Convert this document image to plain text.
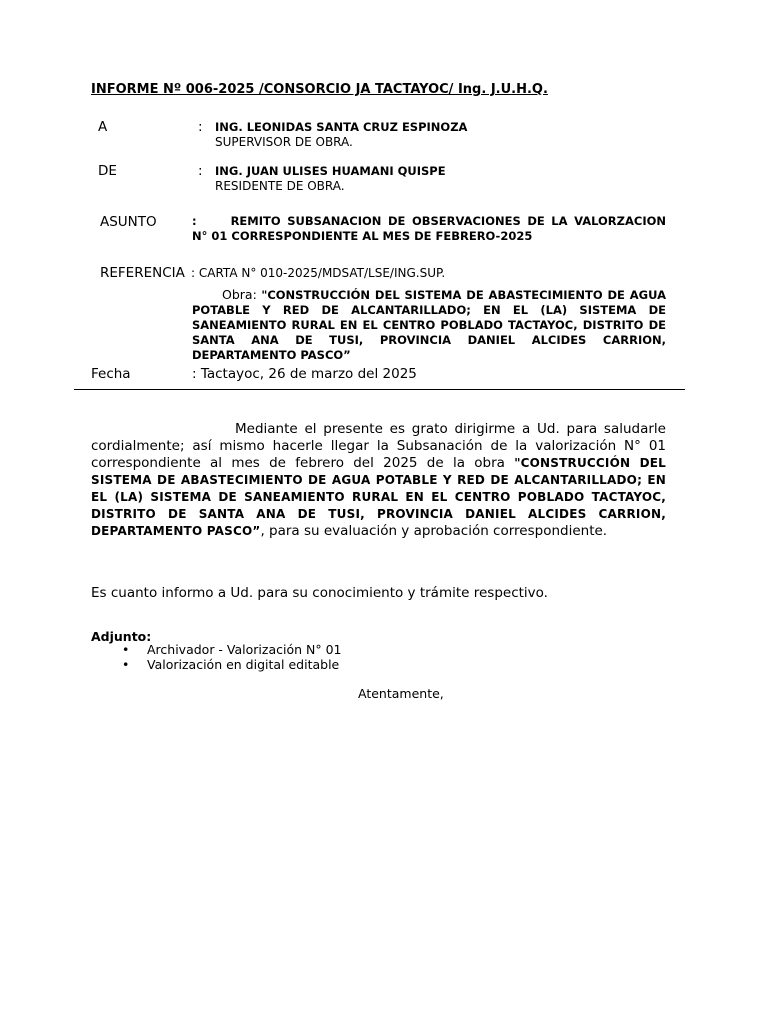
INFORME Nº 006-2025 /CONSORCIO JA TACTAYOC/ Ing. J.U.H.Q.
A	: ING. LEONIDAS SANTA CRUZ ESPINOZA
SUPERVISOR DE OBRA.
DE	: ING. JUAN ULISES HUAMANI QUISPE
RESIDENTE DE OBRA.
ASUNTO	:	REMITO SUBSANACION DE OBSERVACIONES DE LA VALORZACION N° 01 CORRESPONDIENTE AL MES DE FEBRERO-2025
REFERENCIA : CARTA N° 010-2025/MDSAT/LSE/ING.SUP.
Obra: "CONSTRUCCIÓN DEL SISTEMA DE ABASTECIMIENTO DE AGUA POTABLE Y RED DE ALCANTARILLADO; EN EL (LA) SISTEMA DE SANEAMIENTO RURAL EN EL CENTRO POBLADO TACTAYOC, DISTRITO DE SANTA ANA DE TUSI, PROVINCIA DANIEL ALCIDES CARRION, DEPARTAMENTO PASCO”
Fecha	: Tactayoc, 26 de marzo del 2025
Mediante el presente es grato dirigirme a Ud. para saludarle cordialmente; así mismo hacerle llegar la Subsanación de la valorización N° 01 correspondiente al mes de febrero del 2025 de la obra "CONSTRUCCIÓN DEL SISTEMA DE ABASTECIMIENTO DE AGUA POTABLE Y RED DE ALCANTARILLADO; EN EL (LA) SISTEMA DE SANEAMIENTO RURAL EN EL CENTRO POBLADO TACTAYOC, DISTRITO DE SANTA ANA DE TUSI, PROVINCIA DANIEL ALCIDES CARRION, DEPARTAMENTO PASCO”, para su evaluación y aprobación correspondiente.
Es cuanto informo a Ud. para su conocimiento y trámite respectivo.
Adjunto:
• Archivador - Valorización N° 01
• Valorización en digital editable
Atentamente,
